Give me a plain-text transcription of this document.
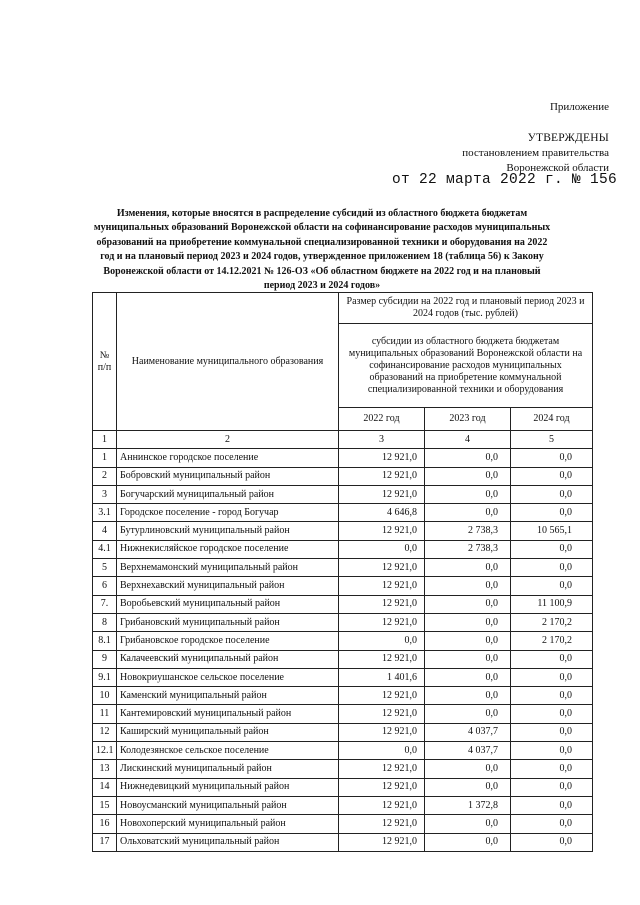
Приложение
УТВЕРЖДЕНЫ
постановлением правительства
Воронежской области
от 22 марта 2022 г. № 156
Изменения, которые вносятся в распределение субсидий из областного бюджета бюджетам муниципальных образований Воронежской области на софинансирование расходов муниципальных образований на приобретение коммунальной специализированной техники и оборудования на 2022 год и на плановый период 2023 и 2024 годов, утвержденное приложением 18 (таблица 56) к Закону Воронежской области от 14.12.2021 № 126-ОЗ «Об областном бюджете на 2022 год и на плановый период 2023 и 2024 годов»
№ п/п	Наименование муниципального образования	Размер субсидии на 2022 год и плановый период 2023 и 2024 годов (тыс. рублей)		
		субсидии из областного бюджета бюджетам муниципальных образований Воронежской области на софинансирование расходов муниципальных образований на приобретение коммунальной специализированной техники и оборудования		
		2022 год	2023 год	2024 год
1	2	3	4	5
1	Аннинское городское поселение	12 921,0	0,0	0,0
2	Бобровский муниципальный район	12 921,0	0,0	0,0
3	Богучарский муниципальный район	12 921,0	0,0	0,0
3.1	Городское поселение - город Богучар	4 646,8	0,0	0,0
4	Бутурлиновский муниципальный район	12 921,0	2 738,3	10 565,1
4.1	Нижнекисляйское городское поселение	0,0	2 738,3	0,0
5	Верхнемамонский муниципальный район	12 921,0	0,0	0,0
6	Верхнехавский муниципальный район	12 921,0	0,0	0,0
7.	Воробьевский муниципальный район	12 921,0	0,0	11 100,9
8	Грибановский муниципальный район	12 921,0	0,0	2 170,2
8.1	Грибановское городское поселение	0,0	0,0	2 170,2
9	Калачеевский муниципальный район	12 921,0	0,0	0,0
9.1	Новокриушанское сельское поселение	1 401,6	0,0	0,0
10	Каменский муниципальный район	12 921,0	0,0	0,0
11	Кантемировский муниципальный район	12 921,0	0,0	0,0
12	Каширский муниципальный район	12 921,0	4 037,7	0,0
12.1	Колодезянское сельское поселение	0,0	4 037,7	0,0
13	Лискинский муниципальный район	12 921,0	0,0	0,0
14	Нижнедевицкий муниципальный район	12 921,0	0,0	0,0
15	Новоусманский муниципальный район	12 921,0	1 372,8	0,0
16	Новохоперский муниципальный район	12 921,0	0,0	0,0
17	Ольховатский муниципальный район	12 921,0	0,0	0,0
